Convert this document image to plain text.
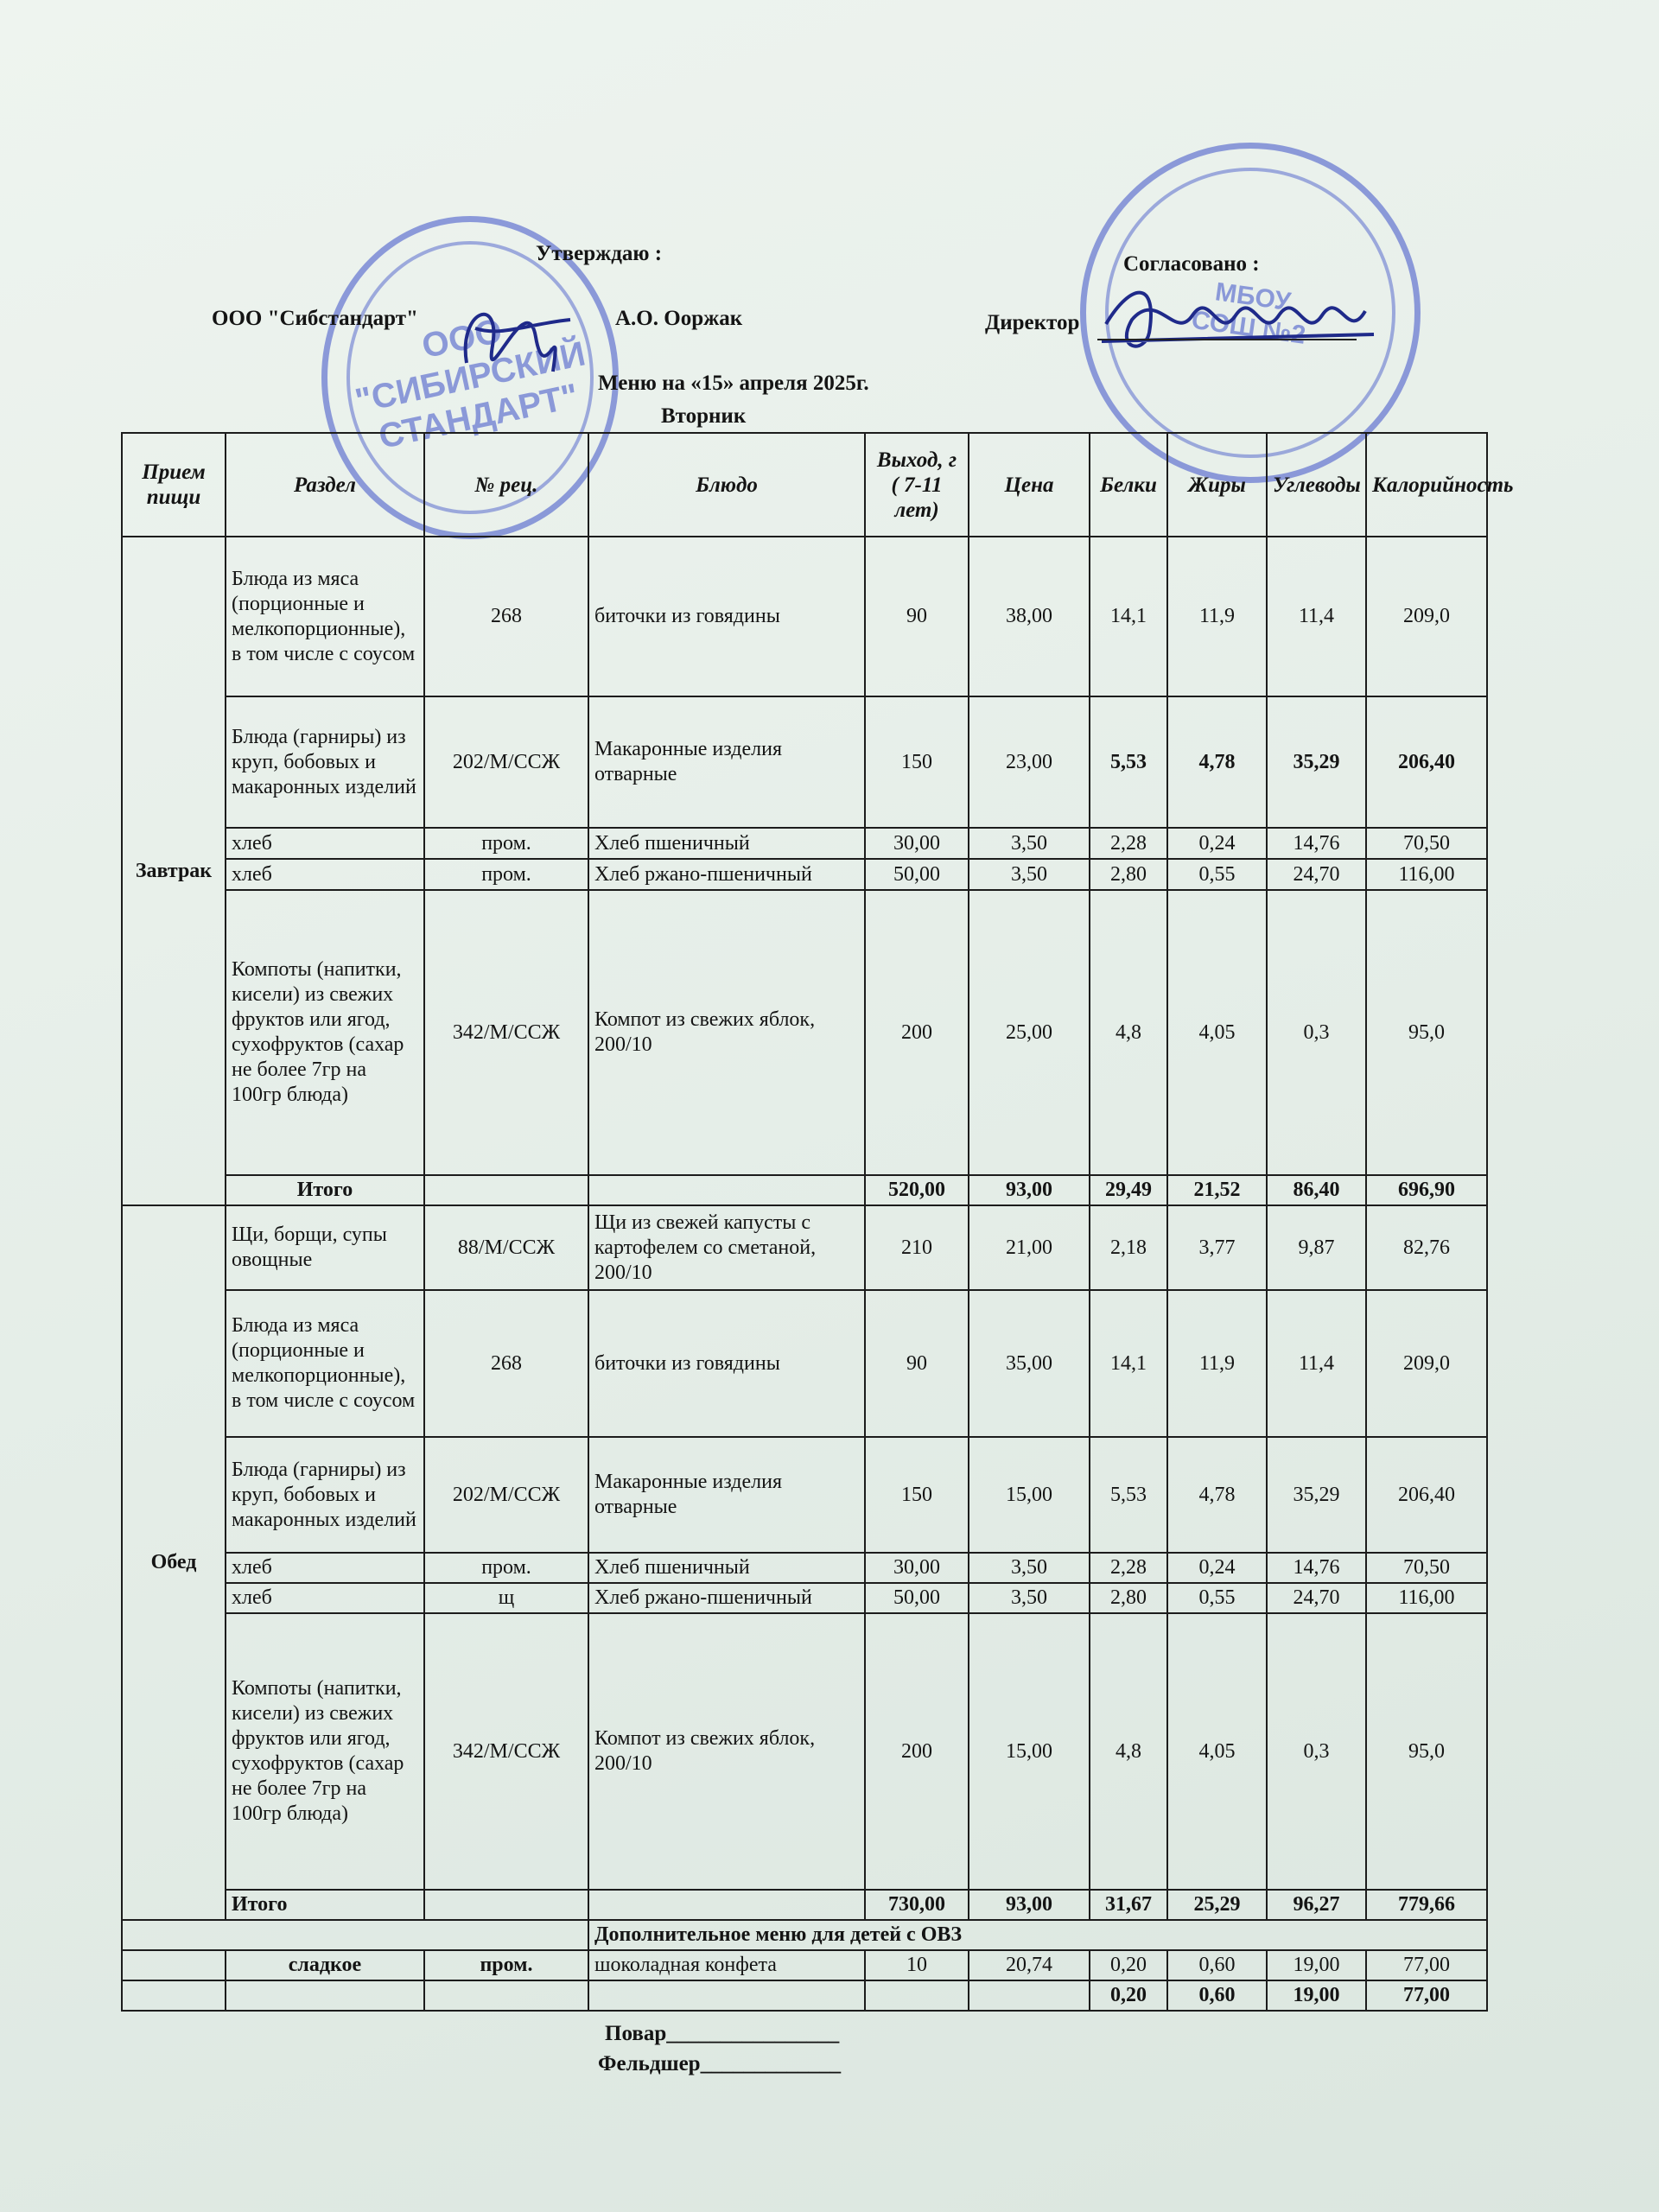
ООО
"СИБИРСКИЙ
СТАНДАРТ"
МБОУ
СОШ №2
Утверждаю :	Согласовано :
ООО "Сибстандарт"	А.О. Ооржак	Директор
Меню на «15» апреля 2025г.
Вторник
Прием пищи	Раздел	№ рец.	Блюдо	Выход, г ( 7-11 лет)	Цена	Белки	Жиры	Углеводы	Калорийность
Завтрак	Блюда из мяса (порционные и мелкопорционные), в том числе с соусом	268	биточки из говядины	90	38,00	14,1	11,9	11,4	209,0
	Блюда (гарниры) из круп, бобовых и макаронных изделий	202/М/ССЖ	Макаронные изделия отварные	150	23,00	5,53	4,78	35,29	206,40
	хлеб	пром.	Хлеб пшеничный	30,00	3,50	2,28	0,24	14,76	70,50
	хлеб	пром.	Хлеб ржано-пшеничный	50,00	3,50	2,80	0,55	24,70	116,00
	Компоты (напитки, кисели) из свежих фруктов или ягод, сухофруктов (сахар не более 7гр на 100гр блюда)	342/М/ССЖ	Компот из свежих яблок, 200/10	200	25,00	4,8	4,05	0,3	95,0
	Итого			520,00	93,00	29,49	21,52	86,40	696,90
Обед	Щи, борщи, супы овощные	88/М/ССЖ	Щи из свежей капусты с картофелем со сметаной, 200/10	210	21,00	2,18	3,77	9,87	82,76
	Блюда из мяса (порционные и мелкопорционные), в том числе с соусом	268	биточки из говядины	90	35,00	14,1	11,9	11,4	209,0
	Блюда (гарниры) из круп, бобовых и макаронных изделий	202/М/ССЖ	Макаронные изделия отварные	150	15,00	5,53	4,78	35,29	206,40
	хлеб	пром.	Хлеб пшеничный	30,00	3,50	2,28	0,24	14,76	70,50
	хлеб	щ	Хлеб ржано-пшеничный	50,00	3,50	2,80	0,55	24,70	116,00
	Компоты (напитки, кисели) из свежих фруктов или ягод, сухофруктов (сахар не более 7гр на 100гр блюда)	342/М/ССЖ	Компот из свежих яблок, 200/10	200	15,00	4,8	4,05	0,3	95,0
	Итого			730,00	93,00	31,67	25,29	96,27	779,66
			Дополнительное меню для детей с ОВЗ						
	сладкое	пром.	шоколадная конфета	10	20,74	0,20	0,60	19,00	77,00
						0,20	0,60	19,00	77,00
Повар________________
Фельдшер_____________
